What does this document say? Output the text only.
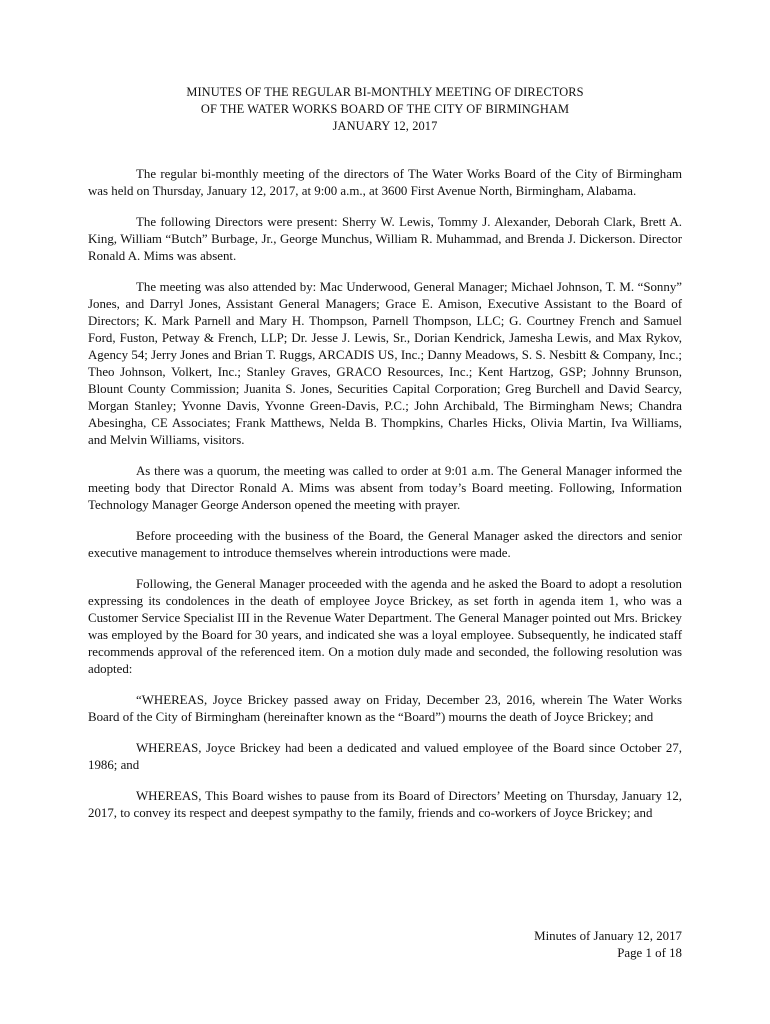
MINUTES OF THE REGULAR BI-MONTHLY MEETING OF DIRECTORS
OF THE WATER WORKS BOARD OF THE CITY OF BIRMINGHAM
JANUARY 12, 2017

The regular bi-monthly meeting of the directors of The Water Works Board of the City of Birmingham was held on Thursday, January 12, 2017, at 9:00 a.m., at 3600 First Avenue North, Birmingham, Alabama.

The following Directors were present: Sherry W. Lewis, Tommy J. Alexander, Deborah Clark, Brett A. King, William “Butch” Burbage, Jr., George Munchus, William R. Muhammad, and Brenda J. Dickerson. Director Ronald A. Mims was absent.

The meeting was also attended by: Mac Underwood, General Manager; Michael Johnson, T. M. “Sonny” Jones, and Darryl Jones, Assistant General Managers; Grace E. Amison, Executive Assistant to the Board of Directors; K. Mark Parnell and Mary H. Thompson, Parnell Thompson, LLC; G. Courtney French and Samuel Ford, Fuston, Petway & French, LLP; Dr. Jesse J. Lewis, Sr., Dorian Kendrick, Jamesha Lewis, and Max Rykov, Agency 54; Jerry Jones and Brian T. Ruggs, ARCADIS US, Inc.; Danny Meadows, S. S. Nesbitt & Company, Inc.; Theo Johnson, Volkert, Inc.; Stanley Graves, GRACO Resources, Inc.; Kent Hartzog, GSP; Johnny Brunson, Blount County Commission; Juanita S. Jones, Securities Capital Corporation; Greg Burchell and David Searcy, Morgan Stanley; Yvonne Davis, Yvonne Green-Davis, P.C.; John Archibald, The Birmingham News; Chandra Abesingha, CE Associates; Frank Matthews, Nelda B. Thompkins, Charles Hicks, Olivia Martin, Iva Williams, and Melvin Williams, visitors.

As there was a quorum, the meeting was called to order at 9:01 a.m. The General Manager informed the meeting body that Director Ronald A. Mims was absent from today’s Board meeting. Following, Information Technology Manager George Anderson opened the meeting with prayer.

Before proceeding with the business of the Board, the General Manager asked the directors and senior executive management to introduce themselves wherein introductions were made.

Following, the General Manager proceeded with the agenda and he asked the Board to adopt a resolution expressing its condolences in the death of employee Joyce Brickey, as set forth in agenda item 1, who was a Customer Service Specialist III in the Revenue Water Department. The General Manager pointed out Mrs. Brickey was employed by the Board for 30 years, and indicated she was a loyal employee. Subsequently, he indicated staff recommends approval of the referenced item. On a motion duly made and seconded, the following resolution was adopted:

“WHEREAS, Joyce Brickey passed away on Friday, December 23, 2016, wherein The Water Works Board of the City of Birmingham (hereinafter known as the “Board”) mourns the death of Joyce Brickey; and

WHEREAS, Joyce Brickey had been a dedicated and valued employee of the Board since October 27, 1986; and

WHEREAS, This Board wishes to pause from its Board of Directors’ Meeting on Thursday, January 12, 2017, to convey its respect and deepest sympathy to the family, friends and co-workers of Joyce Brickey; and

Minutes of January 12, 2017
Page 1 of 18
